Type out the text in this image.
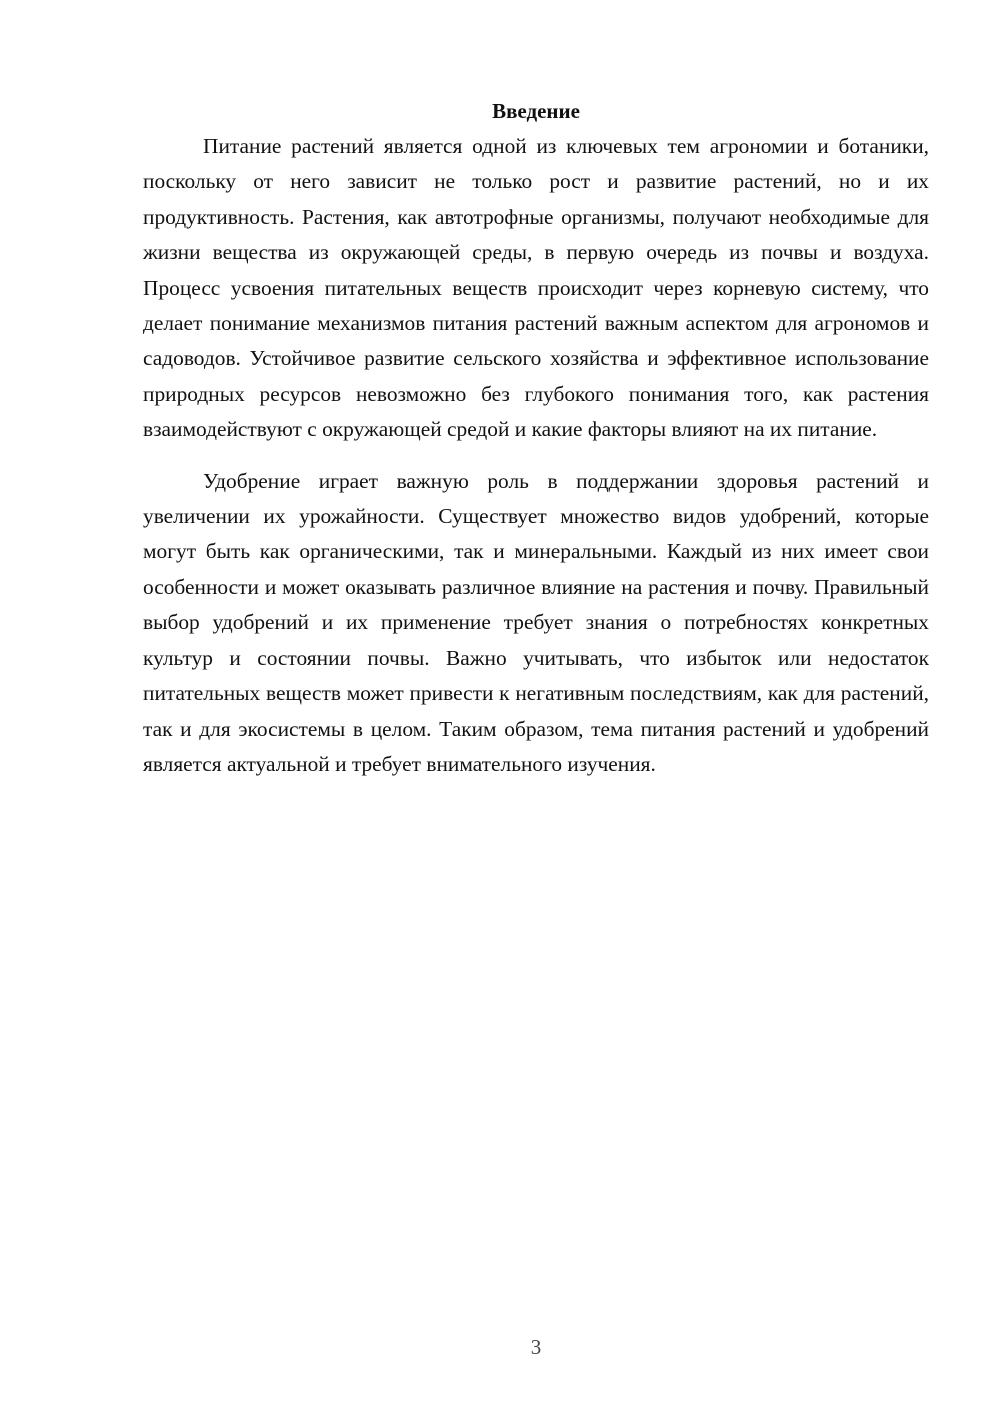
Введение

Питание растений является одной из ключевых тем агрономии и ботаники, поскольку от него зависит не только рост и развитие растений, но и их продуктивность. Растения, как автотрофные организмы, получают необходимые для жизни вещества из окружающей среды, в первую очередь из почвы и воздуха. Процесс усвоения питательных веществ происходит через корневую систему, что делает понимание механизмов питания растений важным аспектом для агрономов и садоводов. Устойчивое развитие сельского хозяйства и эффективное использование природных ресурсов невозможно без глубокого понимания того, как растения взаимодействуют с окружающей средой и какие факторы влияют на их питание.

Удобрение играет важную роль в поддержании здоровья растений и увеличении их урожайности. Существует множество видов удобрений, которые могут быть как органическими, так и минеральными. Каждый из них имеет свои особенности и может оказывать различное влияние на растения и почву. Правильный выбор удобрений и их применение требует знания о потребностях конкретных культур и состоянии почвы. Важно учитывать, что избыток или недостаток питательных веществ может привести к негативным последствиям, как для растений, так и для экосистемы в целом. Таким образом, тема питания растений и удобрений является актуальной и требует внимательного изучения.

3
